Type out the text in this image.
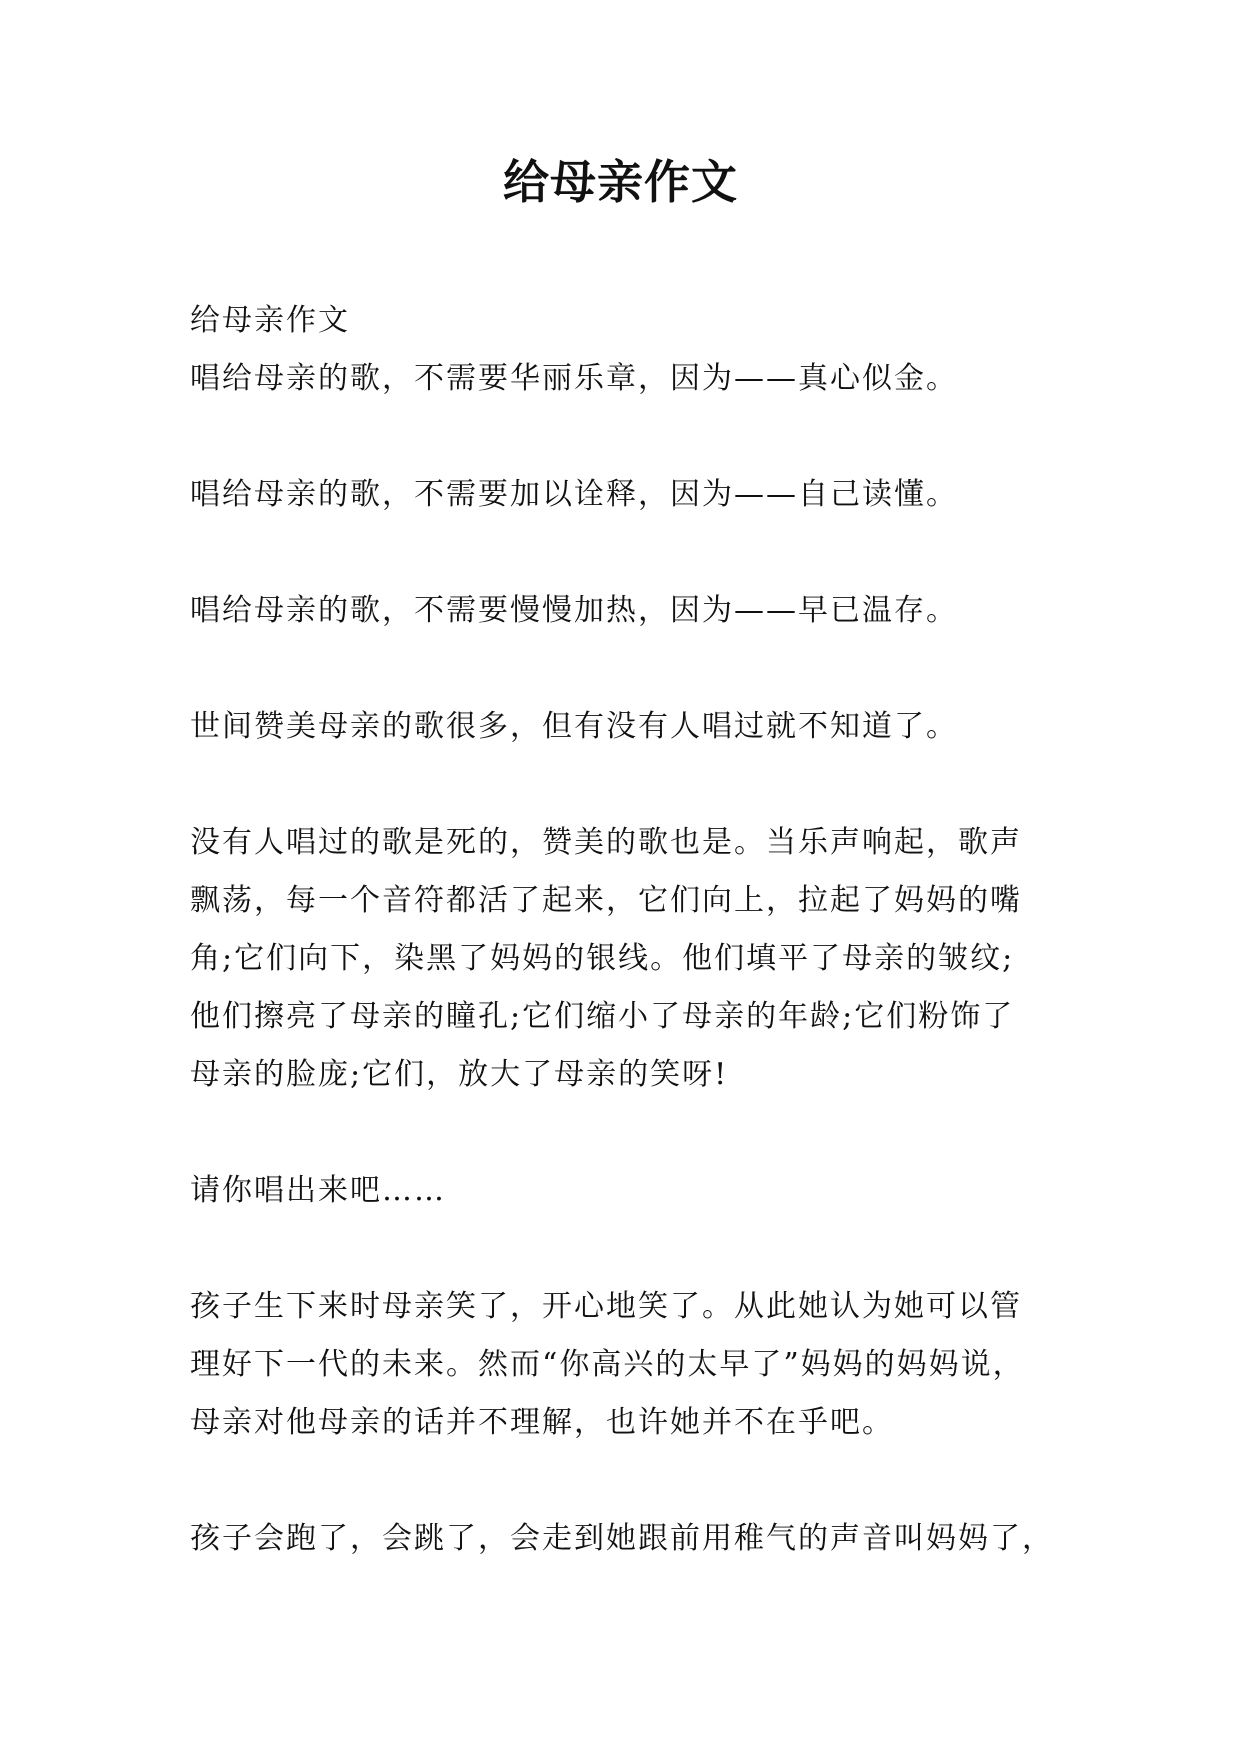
给母亲作文
给母亲作文
唱给母亲的歌，不需要华丽乐章，因为——真心似金。
唱给母亲的歌，不需要加以诠释，因为——自己读懂。
唱给母亲的歌，不需要慢慢加热，因为——早已温存。
世间赞美母亲的歌很多，但有没有人唱过就不知道了。
没有人唱过的歌是死的，赞美的歌也是。当乐声响起，歌声
飘荡，每一个音符都活了起来，它们向上，拉起了妈妈的嘴
角;它们向下，染黑了妈妈的银线。他们填平了母亲的皱纹;
他们擦亮了母亲的瞳孔;它们缩小了母亲的年龄;它们粉饰了
母亲的脸庞;它们，放大了母亲的笑呀!
请你唱出来吧……
孩子生下来时母亲笑了，开心地笑了。从此她认为她可以管
理好下一代的未来。然而“你高兴的太早了”妈妈的妈妈说，
母亲对他母亲的话并不理解，也许她并不在乎吧。
孩子会跑了，会跳了，会走到她跟前用稚气的声音叫妈妈了，
